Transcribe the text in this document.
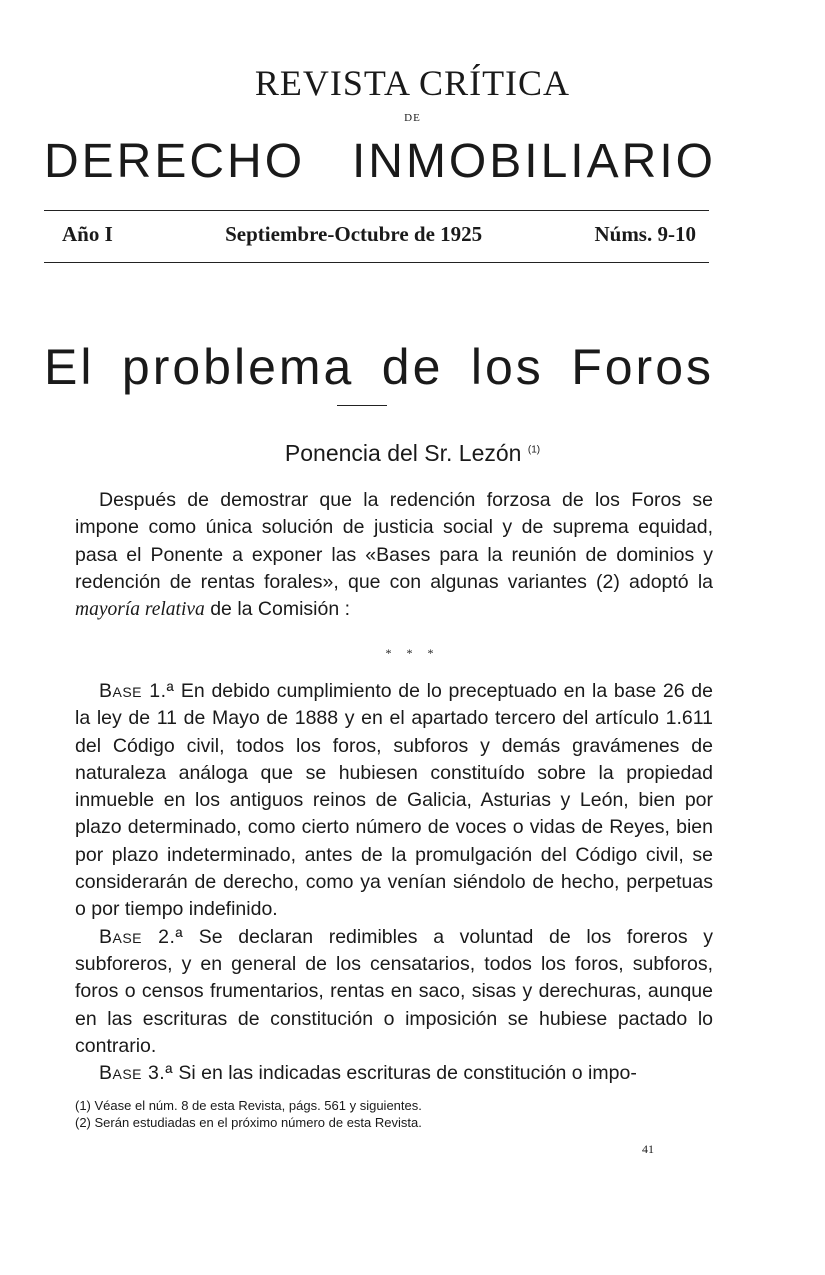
REVISTA CRÍTICA
DE
DERECHO INMOBILIARIO
Año I	Septiembre-Octubre de 1925	Núms. 9-10
El problema de los Foros
Ponencia del Sr. Lezón $^{(1)}$

Después de demostrar que la redención forzosa de los Foros se impone como única solución de justicia social y de suprema equidad, pasa el Ponente a exponer las «Bases para la reunión de dominios y redención de rentas forales», que con algunas variantes (2) adoptó la mayoría relativa de la Comisión :

* * *

Base 1.ª En debido cumplimiento de lo preceptuado en la base 26 de la ley de 11 de Mayo de 1888 y en el apartado tercero del artículo 1.611 del Código civil, todos los foros, subforos y demás gravámenes de naturaleza análoga que se hubiesen constituído sobre la propiedad inmueble en los antiguos reinos de Galicia, Asturias y León, bien por plazo determinado, como cierto número de voces o vidas de Reyes, bien por plazo indeterminado, antes de la promulgación del Código civil, se considerarán de derecho, como ya venían siéndolo de hecho, perpetuas o por tiempo indefinido.

Base 2.ª Se declaran redimibles a voluntad de los foreros y subforeros, y en general de los censatarios, todos los foros, subforos, foros o censos frumentarios, rentas en saco, sisas y derechuras, aunque en las escrituras de constitución o imposición se hubiese pactado lo contrario.

Base 3.ª Si en las indicadas escrituras de constitución o impo-

(1) Véase el núm. 8 de esta Revista, págs. 561 y siguientes.
(2) Serán estudiadas en el próximo número de esta Revista.
41
